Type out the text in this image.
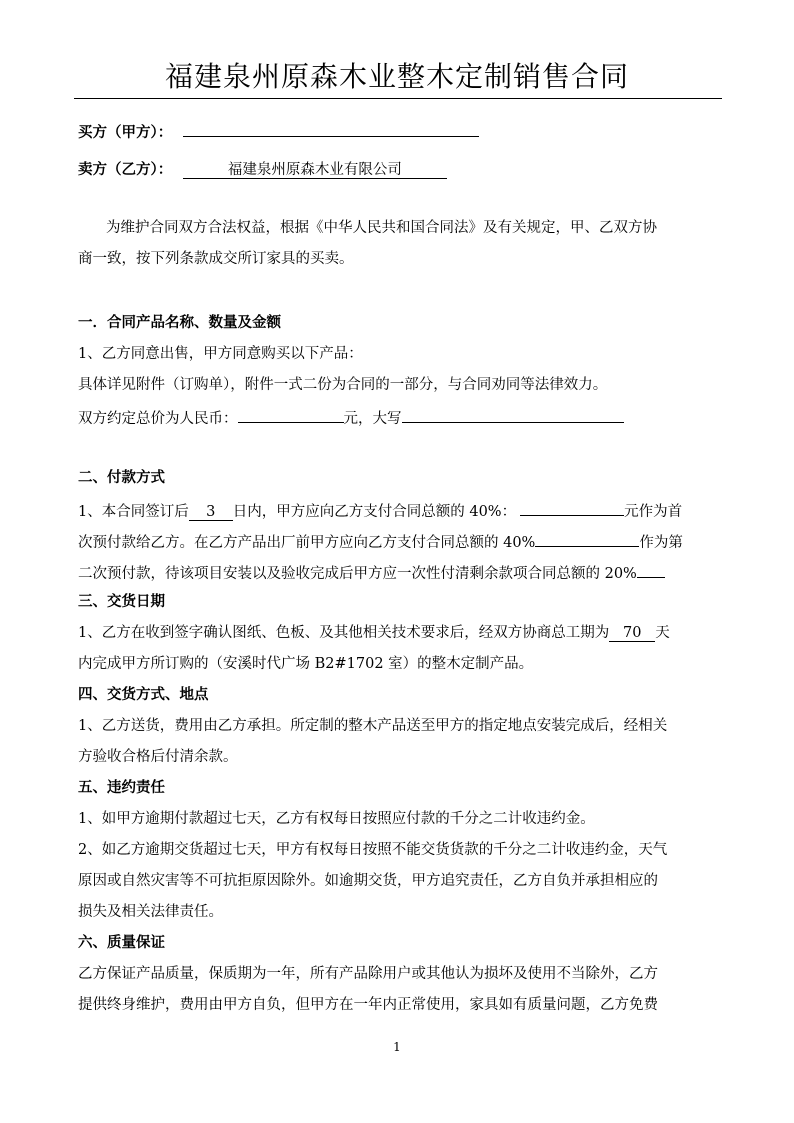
福建泉州原森木业整木定制销售合同
买方（甲方）：
卖方（乙方）：	福建泉州原森木业有限公司
为维护合同双方合法权益，根据《中华人民共和国合同法》及有关规定，甲、乙双方协
商一致，按下列条款成交所订家具的买卖。
一．合同产品名称、数量及金额
1、乙方同意出售，甲方同意购买以下产品：
具体详见附件（订购单），附件一式二份为合同的一部分，与合同劝同等法律效力。
双方约定总价为人民币：	元，大写
二、付款方式
1、本合同签订后 3 日内，甲方应向乙方支付合同总额的 40%：	元作为首
次预付款给乙方。在乙方产品出厂前甲方应向乙方支付合同总额的 40%	作为第
二次预付款，待该项目安装以及验收完成后甲方应一次性付清剩余款项合同总额的 20%
三、交货日期
1、乙方在收到签字确认图纸、色板、及其他相关技术要求后，经双方协商总工期为 70 天
内完成甲方所订购的（安溪时代广场 B2#1702 室）的整木定制产品。
四、交货方式、地点
1、乙方送货，费用由乙方承担。所定制的整木产品送至甲方的指定地点安装完成后，经相关
方验收合格后付清余款。
五、违约责任
1、如甲方逾期付款超过七天，乙方有权每日按照应付款的千分之二计收违约金。
2、如乙方逾期交货超过七天，甲方有权每日按照不能交货货款的千分之二计收违约金，天气
原因或自然灾害等不可抗拒原因除外。如逾期交货，甲方追究责任，乙方自负并承担相应的
损失及相关法律责任。
六、质量保证
乙方保证产品质量，保质期为一年，所有产品除用户或其他认为损坏及使用不当除外，乙方
提供终身维护，费用由甲方自负，但甲方在一年内正常使用，家具如有质量问题，乙方免费
1
